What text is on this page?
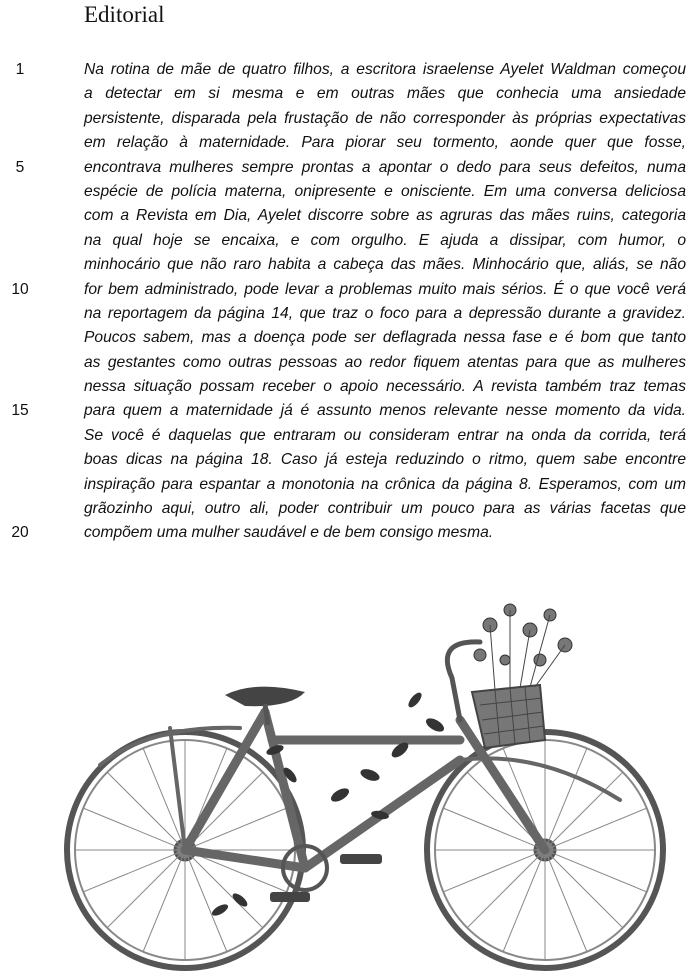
Editorial
1	Na rotina de mãe de quatro filhos, a escritora israelense Ayelet Waldman começou
a detectar em si mesma e em outras mães que conhecia uma ansiedade
persistente, disparada pela frustação de não corresponder às próprias expectativas
em relação à maternidade. Para piorar seu tormento, aonde quer que fosse,
5	encontrava mulheres sempre prontas a apontar o dedo para seus defeitos, numa
espécie de polícia materna, onipresente e onisciente. Em uma conversa deliciosa
com a Revista em Dia, Ayelet discorre sobre as agruras das mães ruins, categoria
na qual hoje se encaixa, e com orgulho. E ajuda a dissipar, com humor, o
minhocário que não raro habita a cabeça das mães. Minhocário que, aliás, se não
10	for bem administrado, pode levar a problemas muito mais sérios. É o que você verá
na reportagem da página 14, que traz o foco para a depressão durante a gravidez.
Poucos sabem, mas a doença pode ser deflagrada nessa fase e é bom que tanto
as gestantes como outras pessoas ao redor fiquem atentas para que as mulheres
nessa situação possam receber o apoio necessário. A revista também traz temas
15	para quem a maternidade já é assunto menos relevante nesse momento da vida.
Se você é daquelas que entraram ou consideram entrar na onda da corrida, terá
boas dicas na página 18. Caso já esteja reduzindo o ritmo, quem sabe encontre
inspiração para espantar a monotonia na crônica da página 8. Esperamos, com um
grãozinho aqui, outro ali, poder contribuir um pouco para as várias facetas que
20	compõem uma mulher saudável e de bem consigo mesma.
